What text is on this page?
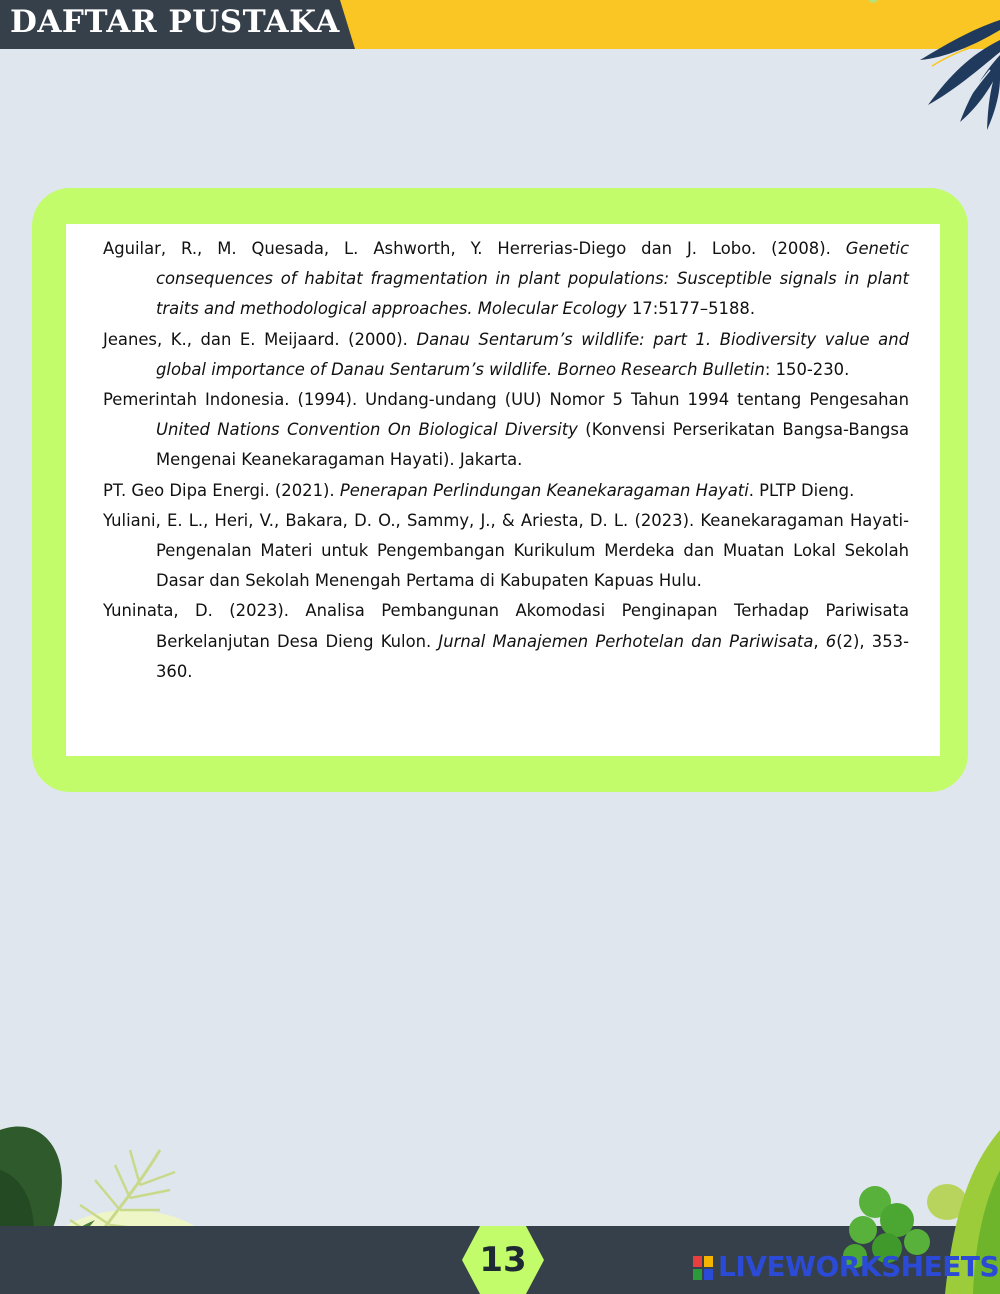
DAFTAR PUSTAKA
Aguilar, R., M. Quesada, L. Ashworth, Y. Herrerias-Diego dan J. Lobo. (2008). Genetic consequences of habitat fragmentation in plant populations: Susceptible signals in plant traits and methodological approaches. Molecular Ecology 17:5177–5188.
Jeanes, K., dan E. Meijaard. (2000). Danau Sentarum’s wildlife: part 1. Biodiversity value and global importance of Danau Sentarum’s wildlife. Borneo Research Bulletin: 150-230.
Pemerintah Indonesia. (1994). Undang-undang (UU) Nomor 5 Tahun 1994 tentang Pengesahan United Nations Convention On Biological Diversity (Konvensi Perserikatan Bangsa-Bangsa Mengenai Keanekaragaman Hayati). Jakarta.
PT. Geo Dipa Energi. (2021). Penerapan Perlindungan Keanekaragaman Hayati. PLTP Dieng.
Yuliani, E. L., Heri, V., Bakara, D. O., Sammy, J., & Ariesta, D. L. (2023). Keanekaragaman Hayati-Pengenalan Materi untuk Pengembangan Kurikulum Merdeka dan Muatan Lokal Sekolah Dasar dan Sekolah Menengah Pertama di Kabupaten Kapuas Hulu.
Yuninata, D. (2023). Analisa Pembangunan Akomodasi Penginapan Terhadap Pariwisata Berkelanjutan Desa Dieng Kulon. Jurnal Manajemen Perhotelan dan Pariwisata, 6(2), 353-360.
13	LIVEWORKSHEETS
